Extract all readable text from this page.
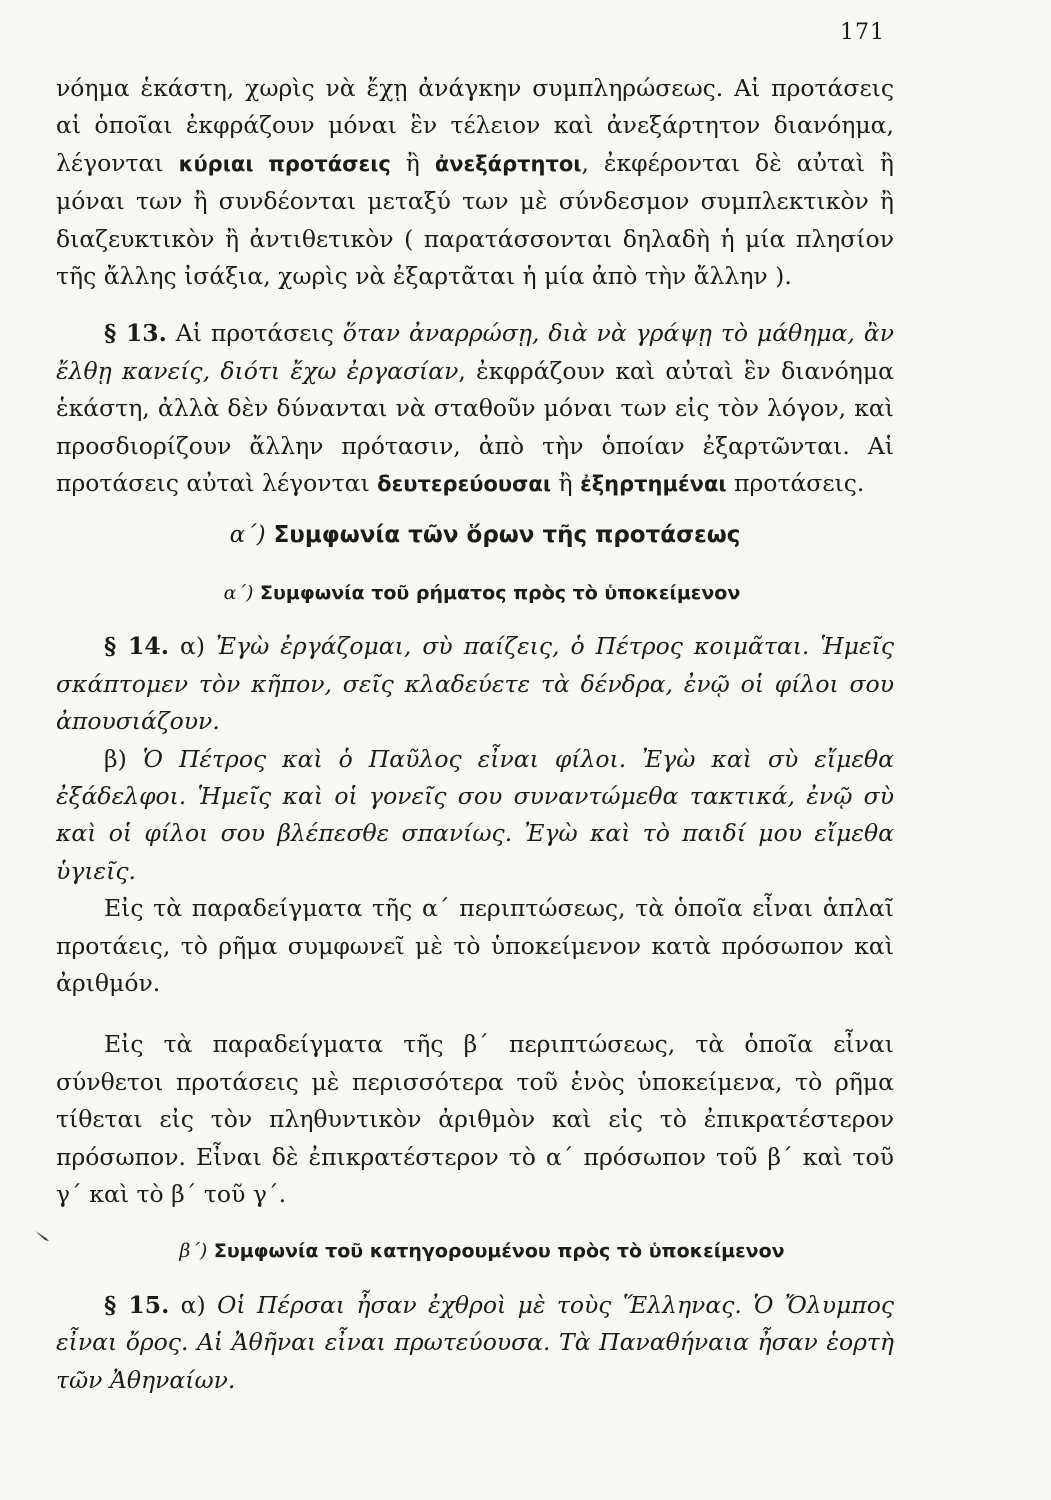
171

νόημα ἑκάστη, χωρὶς νὰ ἔχῃ ἀνάγκην συμπληρώσεως. Αἱ προτάσεις αἱ ὁποῖαι ἐκφράζουν μόναι ἓν τέλειον καὶ ἀνεξάρτητον διανόημα, λέγονται κύριαι προτάσεις ἢ ἀνεξάρτητοι, ἐκφέρονται δὲ αὐταὶ ἢ μόναι των ἢ συνδέονται μεταξύ των μὲ σύνδεσμον συμπλεκτικὸν ἢ διαζευκτικὸν ἢ ἀντιθετικὸν ( παρατάσσονται δηλαδὴ ἡ μία πλησίον τῆς ἄλλης ἰσάξια, χωρὶς νὰ ἐξαρτᾶται ἡ μία ἀπὸ τὴν ἄλλην ).

§ 13. Αἱ προτάσεις ὅταν ἀναρρώσῃ, διὰ νὰ γράψῃ τὸ μάθημα, ἂν ἔλθῃ κανείς, διότι ἔχω ἐργασίαν, ἐκφράζουν καὶ αὐταὶ ἓν διανόημα ἑκάστη, ἀλλὰ δὲν δύνανται νὰ σταθοῦν μόναι των εἰς τὸν λόγον, καὶ προσδιορίζουν ἄλλην πρότασιν, ἀπὸ τὴν ὁποίαν ἐξαρτῶνται. Αἱ προτάσεις αὐταὶ λέγονται δευτερεύουσαι ἢ ἐξηρτημέναι προτάσεις.

α΄) Συμφωνία τῶν ὅρων τῆς προτάσεως
α΄) Συμφωνία τοῦ ρήματος πρὸς τὸ ὑποκείμενον

§ 14. α) Ἐγὼ ἐργάζομαι, σὺ παίζεις, ὁ Πέτρος κοιμᾶται. Ἡμεῖς σκάπτομεν τὸν κῆπον, σεῖς κλαδεύετε τὰ δένδρα, ἐνῷ οἱ φίλοι σου ἀπουσιάζουν.

β) Ὁ Πέτρος καὶ ὁ Παῦλος εἶναι φίλοι. Ἐγὼ καὶ σὺ εἴμεθα ἐξάδελφοι. Ἡμεῖς καὶ οἱ γονεῖς σου συναντώμεθα τακτικά, ἐνῷ σὺ καὶ οἱ φίλοι σου βλέπεσθε σπανίως. Ἐγὼ καὶ τὸ παιδί μου εἴμεθα ὑγιεῖς.

Εἰς τὰ παραδείγματα τῆς α΄ περιπτώσεως, τὰ ὁποῖα εἶναι ἁπλαῖ προτάεις, τὸ ρῆμα συμφωνεῖ μὲ τὸ ὑποκείμενον κατὰ πρόσωπον καὶ ἀριθμόν.

Εἰς τὰ παραδείγματα τῆς β΄ περιπτώσεως, τὰ ὁποῖα εἶναι σύνθετοι προτάσεις μὲ περισσότερα τοῦ ἑνὸς ὑποκείμενα, τὸ ρῆμα τίθεται εἰς τὸν πληθυντικὸν ἀριθμὸν καὶ εἰς τὸ ἐπικρατέστερον πρόσωπον. Εἶναι δὲ ἐπικρατέστερον τὸ α΄ πρόσωπον τοῦ β΄ καὶ τοῦ γ΄ καὶ τὸ β΄ τοῦ γ΄.

β΄) Συμφωνία τοῦ κατηγορουμένου πρὸς τὸ ὑποκείμενον

§ 15. α) Οἱ Πέρσαι ἦσαν ἐχθροὶ μὲ τοὺς Ἕλληνας. Ὁ Ὄλυμπος εἶναι ὄρος. Αἱ Ἀθῆναι εἶναι πρωτεύουσα. Τὰ Παναθήναια ἦσαν ἑορτὴ τῶν Ἀθηναίων.
